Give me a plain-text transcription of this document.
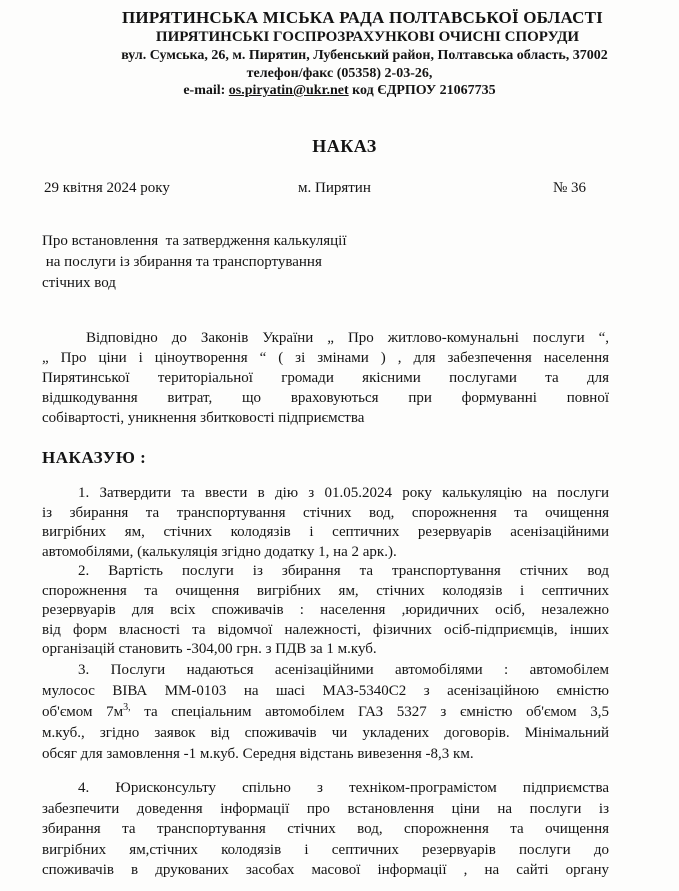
ПИРЯТИНСЬКА МІСЬКА РАДА ПОЛТАВСЬКОЇ ОБЛАСТІ
ПИРЯТИНСЬКІ ГОСПРОЗРАХУНКОВІ ОЧИСНІ СПОРУДИ
вул. Сумська, 26, м. Пирятин, Лубенський район, Полтавська область, 37002
телефон/факс (05358) 2-03-26,
e-mail: os.piryatin@ukr.net код ЄДРПОУ 21067735
НАКАЗ
29 квітня 2024 року	м. Пирятин	№ 36
Про встановлення  та затвердження калькуляції
на послуги із збирання та транспортування
стічних вод
Відповідно до Законів України „ Про житлово-комунальні послуги “,
„ Про ціни і ціноутворення “ ( зі змінами ) , для забезпечення населення
Пирятинської територіальної громади якісними послугами та для
відшкодування витрат, що враховуються при формуванні повної
собівартості, уникнення збитковості підприємства
НАКАЗУЮ :
1. Затвердити та ввести в дію з 01.05.2024 року калькуляцію на послуги
із збирання та транспортування стічних вод, спорожнення та очищення
вигрібних ям, стічних колодязів і септичних резервуарів асенізаційними
автомобілями, (калькуляція згідно додатку 1, на 2 арк.).
2. Вартість послуги із збирання та транспортування стічних вод
спорожнення та очищення вигрібних ям, стічних колодязів і септичних
резервуарів для всіх споживачів : населення ,юридичних осіб, незалежно
від форм власності та відомчої належності, фізичних осіб-підприємців, інших
організацій становить -304,00 грн. з ПДВ за 1 м.куб.
3. Послуги надаються асенізаційними автомобілями : автомобілем
мулосос ВІВА ММ-0103 на шасі МАЗ-5340С2 з асенізаційною ємністю
об'ємом $7м^{3,}$ та спеціальним автомобілем ГАЗ 5327 з ємністю об'ємом 3,5
м.куб., згідно заявок від споживачів чи укладених договорів. Мінімальний
обсяг для замовлення -1 м.куб. Середня відстань вивезення -8,3 км.
4. Юрисконсульту спільно з техніком-програмістом підприємства
забезпечити доведення інформації про встановлення ціни на послуги із
збирання та транспортування стічних вод, спорожнення та очищення
вигрібних ям,стічних колодязів і септичних резервуарів послуги до
споживачів в друкованих засобах масової інформації , на сайті органу
